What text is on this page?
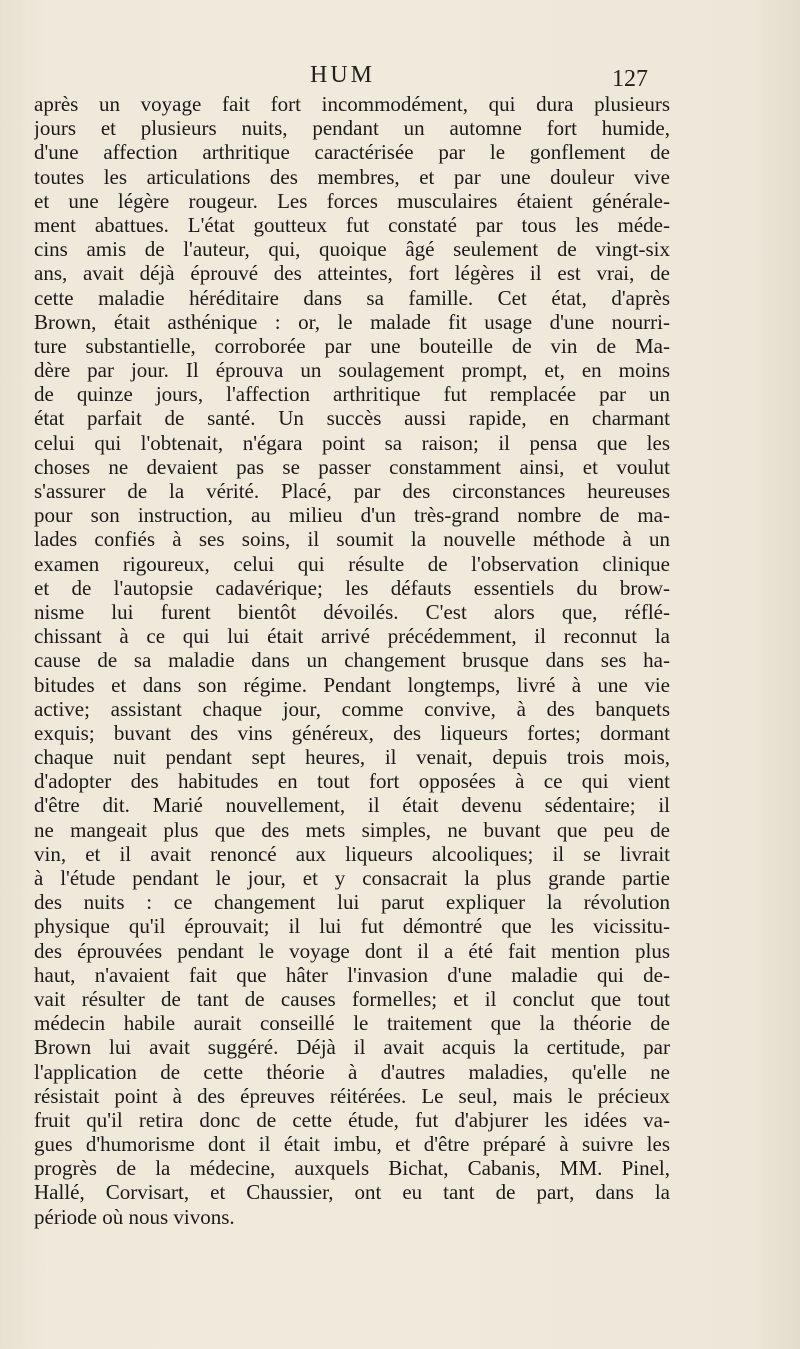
HUM	127
après un voyage fait fort incommodément, qui dura plusieurs
jours et plusieurs nuits, pendant un automne fort humide,
d'une affection arthritique caractérisée par le gonflement de
toutes les articulations des membres, et par une douleur vive
et une légère rougeur. Les forces musculaires étaient générale-
ment abattues. L'état goutteux fut constaté par tous les méde-
cins amis de l'auteur, qui, quoique âgé seulement de vingt-six
ans, avait déjà éprouvé des atteintes, fort légères il est vrai, de
cette maladie héréditaire dans sa famille. Cet état, d'après
Brown, était asthénique : or, le malade fit usage d'une nourri-
ture substantielle, corroborée par une bouteille de vin de Ma-
dère par jour. Il éprouva un soulagement prompt, et, en moins
de quinze jours, l'affection arthritique fut remplacée par un
état parfait de santé. Un succès aussi rapide, en charmant
celui qui l'obtenait, n'égara point sa raison; il pensa que les
choses ne devaient pas se passer constamment ainsi, et voulut
s'assurer de la vérité. Placé, par des circonstances heureuses
pour son instruction, au milieu d'un très-grand nombre de ma-
lades confiés à ses soins, il soumit la nouvelle méthode à un
examen rigoureux, celui qui résulte de l'observation clinique
et de l'autopsie cadavérique; les défauts essentiels du brow-
nisme lui furent bientôt dévoilés. C'est alors que, réflé-
chissant à ce qui lui était arrivé précédemment, il reconnut la
cause de sa maladie dans un changement brusque dans ses ha-
bitudes et dans son régime. Pendant longtemps, livré à une vie
active; assistant chaque jour, comme convive, à des banquets
exquis; buvant des vins généreux, des liqueurs fortes; dormant
chaque nuit pendant sept heures, il venait, depuis trois mois,
d'adopter des habitudes en tout fort opposées à ce qui vient
d'être dit. Marié nouvellement, il était devenu sédentaire; il
ne mangeait plus que des mets simples, ne buvant que peu de
vin, et il avait renoncé aux liqueurs alcooliques; il se livrait
à l'étude pendant le jour, et y consacrait la plus grande partie
des nuits : ce changement lui parut expliquer la révolution
physique qu'il éprouvait; il lui fut démontré que les vicissitu-
des éprouvées pendant le voyage dont il a été fait mention plus
haut, n'avaient fait que hâter l'invasion d'une maladie qui de-
vait résulter de tant de causes formelles; et il conclut que tout
médecin habile aurait conseillé le traitement que la théorie de
Brown lui avait suggéré. Déjà il avait acquis la certitude, par
l'application de cette théorie à d'autres maladies, qu'elle ne
résistait point à des épreuves réitérées. Le seul, mais le précieux
fruit qu'il retira donc de cette étude, fut d'abjurer les idées va-
gues d'humorisme dont il était imbu, et d'être préparé à suivre les
progrès de la médecine, auxquels Bichat, Cabanis, MM. Pinel,
Hallé, Corvisart, et Chaussier, ont eu tant de part, dans la
période où nous vivons.
